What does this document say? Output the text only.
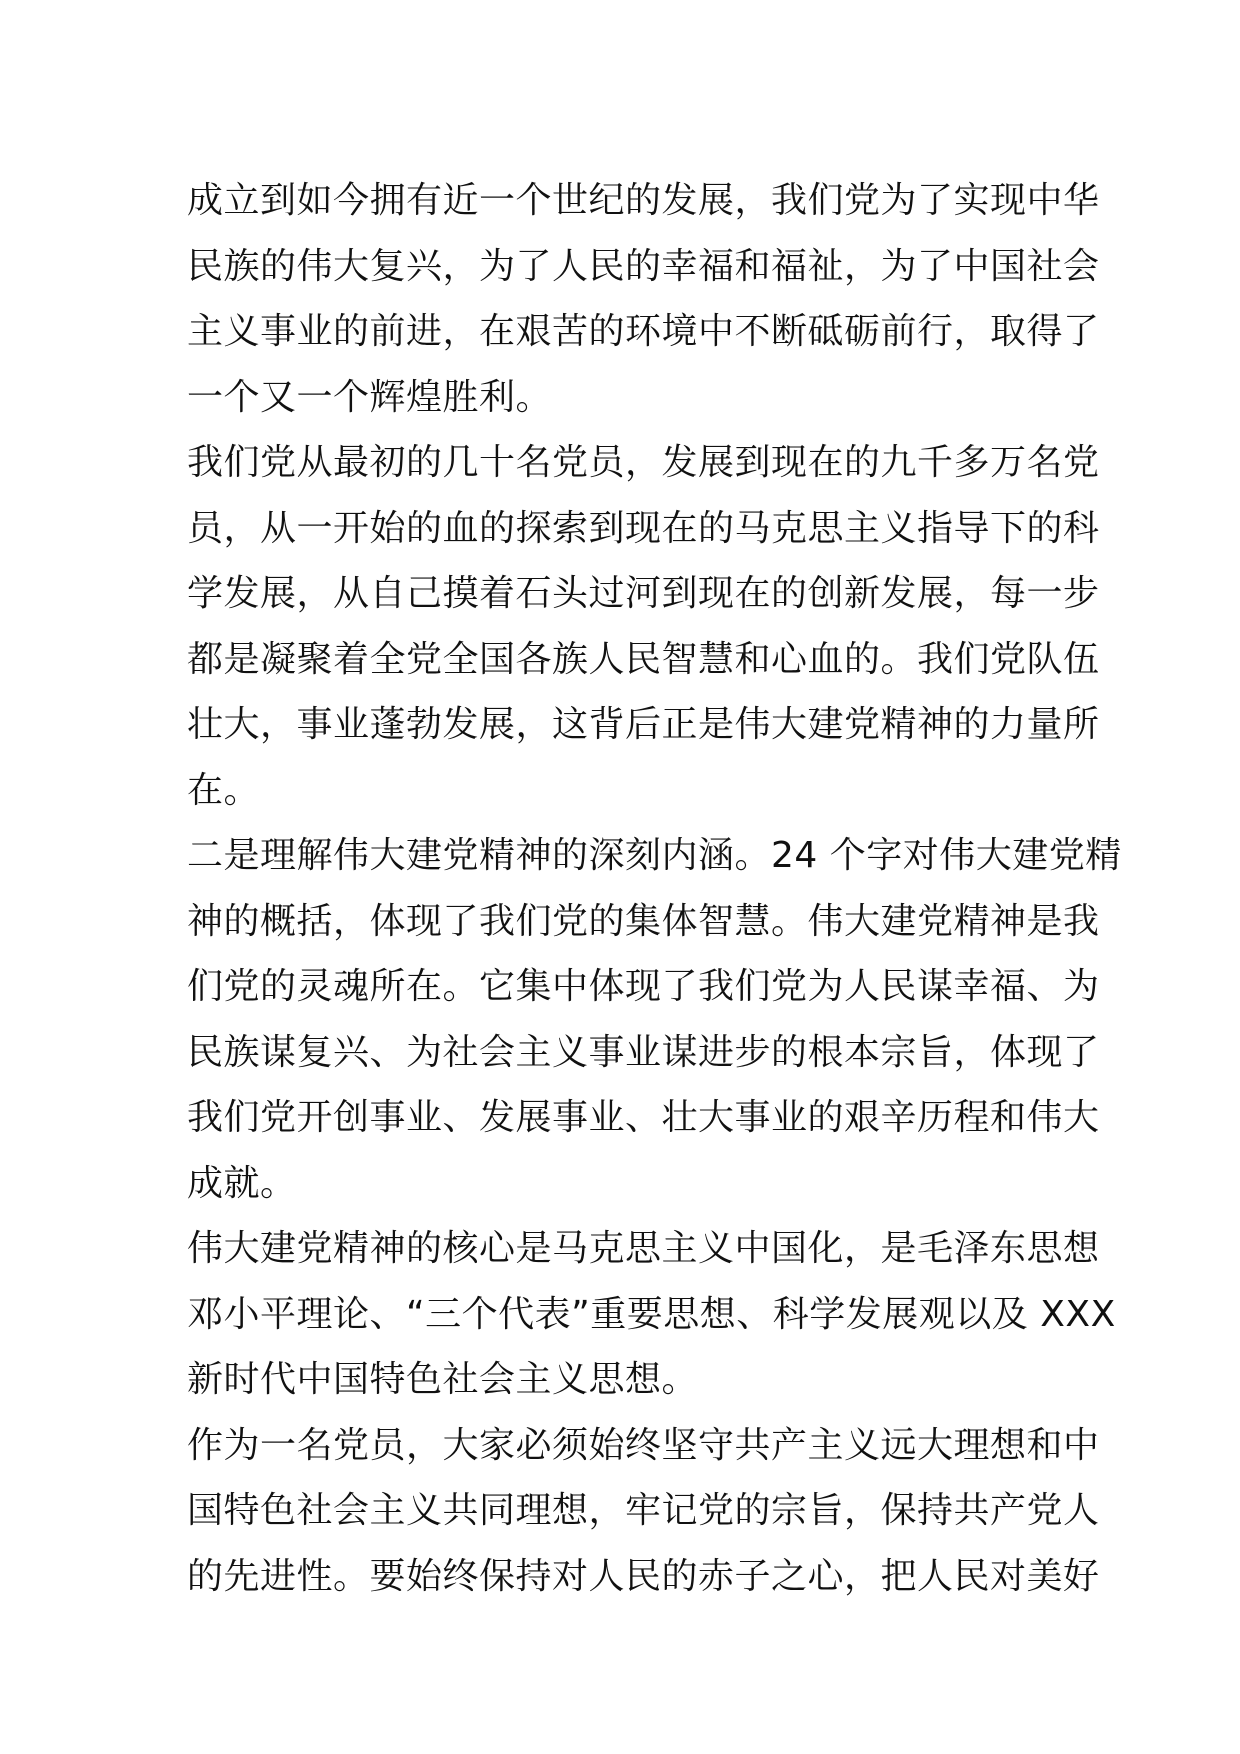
成立到如今拥有近一个世纪的发展，我们党为了实现中华
民族的伟大复兴，为了人民的幸福和福祉，为了中国社会
主义事业的前进，在艰苦的环境中不断砥砺前行，取得了
一个又一个辉煌胜利。
我们党从最初的几十名党员，发展到现在的九千多万名党
员，从一开始的血的探索到现在的马克思主义指导下的科
学发展，从自己摸着石头过河到现在的创新发展，每一步
都是凝聚着全党全国各族人民智慧和心血的。我们党队伍
壮大，事业蓬勃发展，这背后正是伟大建党精神的力量所
在。
二是理解伟大建党精神的深刻内涵。24 个字对伟大建党精
神的概括，体现了我们党的集体智慧。伟大建党精神是我
们党的灵魂所在。它集中体现了我们党为人民谋幸福、为
民族谋复兴、为社会主义事业谋进步的根本宗旨，体现了
我们党开创事业、发展事业、壮大事业的艰辛历程和伟大
成就。
伟大建党精神的核心是马克思主义中国化，是毛泽东思想
邓小平理论、“三个代表”重要思想、科学发展观以及 XXX
新时代中国特色社会主义思想。
作为一名党员，大家必须始终坚守共产主义远大理想和中
国特色社会主义共同理想，牢记党的宗旨，保持共产党人
的先进性。要始终保持对人民的赤子之心，把人民对美好
